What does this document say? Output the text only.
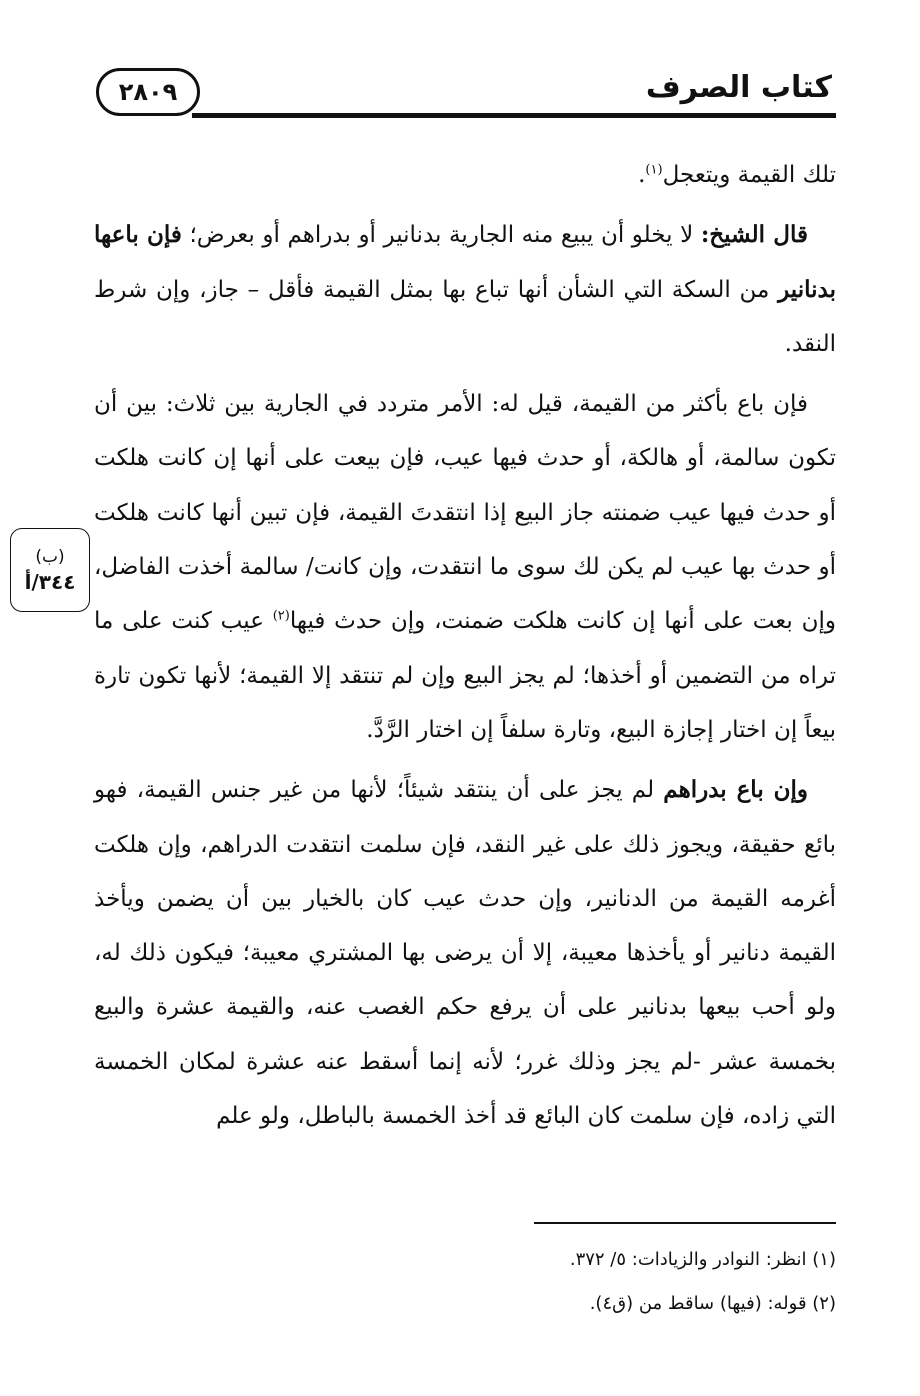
٢٨٠٩	كتاب الصرف
(ب)
٣٤٤/أ

تلك القيمة ويتعجل$^{(١)}$.

قال الشيخ: لا يخلو أن يبيع منه الجارية بدنانير أو بدراهم أو بعرض؛ فإن باعها بدنانير من السكة التي الشأن أنها تباع بها بمثل القيمة فأقل – جاز، وإن شرط النقد.

فإن باع بأكثر من القيمة، قيل له: الأمر متردد في الجارية بين ثلاث: بين أن تكون سالمة، أو هالكة، أو حدث فيها عيب، فإن بيعت على أنها إن كانت هلكت أو حدث فيها عيب ضمنته جاز البيع إذا انتقدتَ القيمة، فإن تبين أنها كانت هلكت أو حدث بها عيب لم يكن لك سوى ما انتقدت، وإن كانت/ سالمة أخذت الفاضل، وإن بعت على أنها إن كانت هلكت ضمنت، وإن حدث فيها$^{(٢)}$ عيب كنت على ما تراه من التضمين أو أخذها؛ لم يجز البيع وإن لم تنتقد إلا القيمة؛ لأنها تكون تارة بيعاً إن اختار إجازة البيع، وتارة سلفاً إن اختار الرَّدَّ.

وإن باع بدراهم لم يجز على أن ينتقد شيئاً؛ لأنها من غير جنس القيمة، فهو بائع حقيقة، ويجوز ذلك على غير النقد، فإن سلمت انتقدت الدراهم، وإن هلكت أغرمه القيمة من الدنانير، وإن حدث عيب كان بالخيار بين أن يضمن ويأخذ القيمة دنانير أو يأخذها معيبة، إلا أن يرضى بها المشتري معيبة؛ فيكون ذلك له، ولو أحب بيعها بدنانير على أن يرفع حكم الغصب عنه، والقيمة عشرة والبيع بخمسة عشر -لم يجز وذلك غرر؛ لأنه إنما أسقط عنه عشرة لمكان الخمسة التي زاده، فإن سلمت كان البائع قد أخذ الخمسة بالباطل، ولو علم

(١) انظر: النوادر والزيادات: ٥/ ٣٧٢.

(٢) قوله: (فيها) ساقط من (ق٤).
